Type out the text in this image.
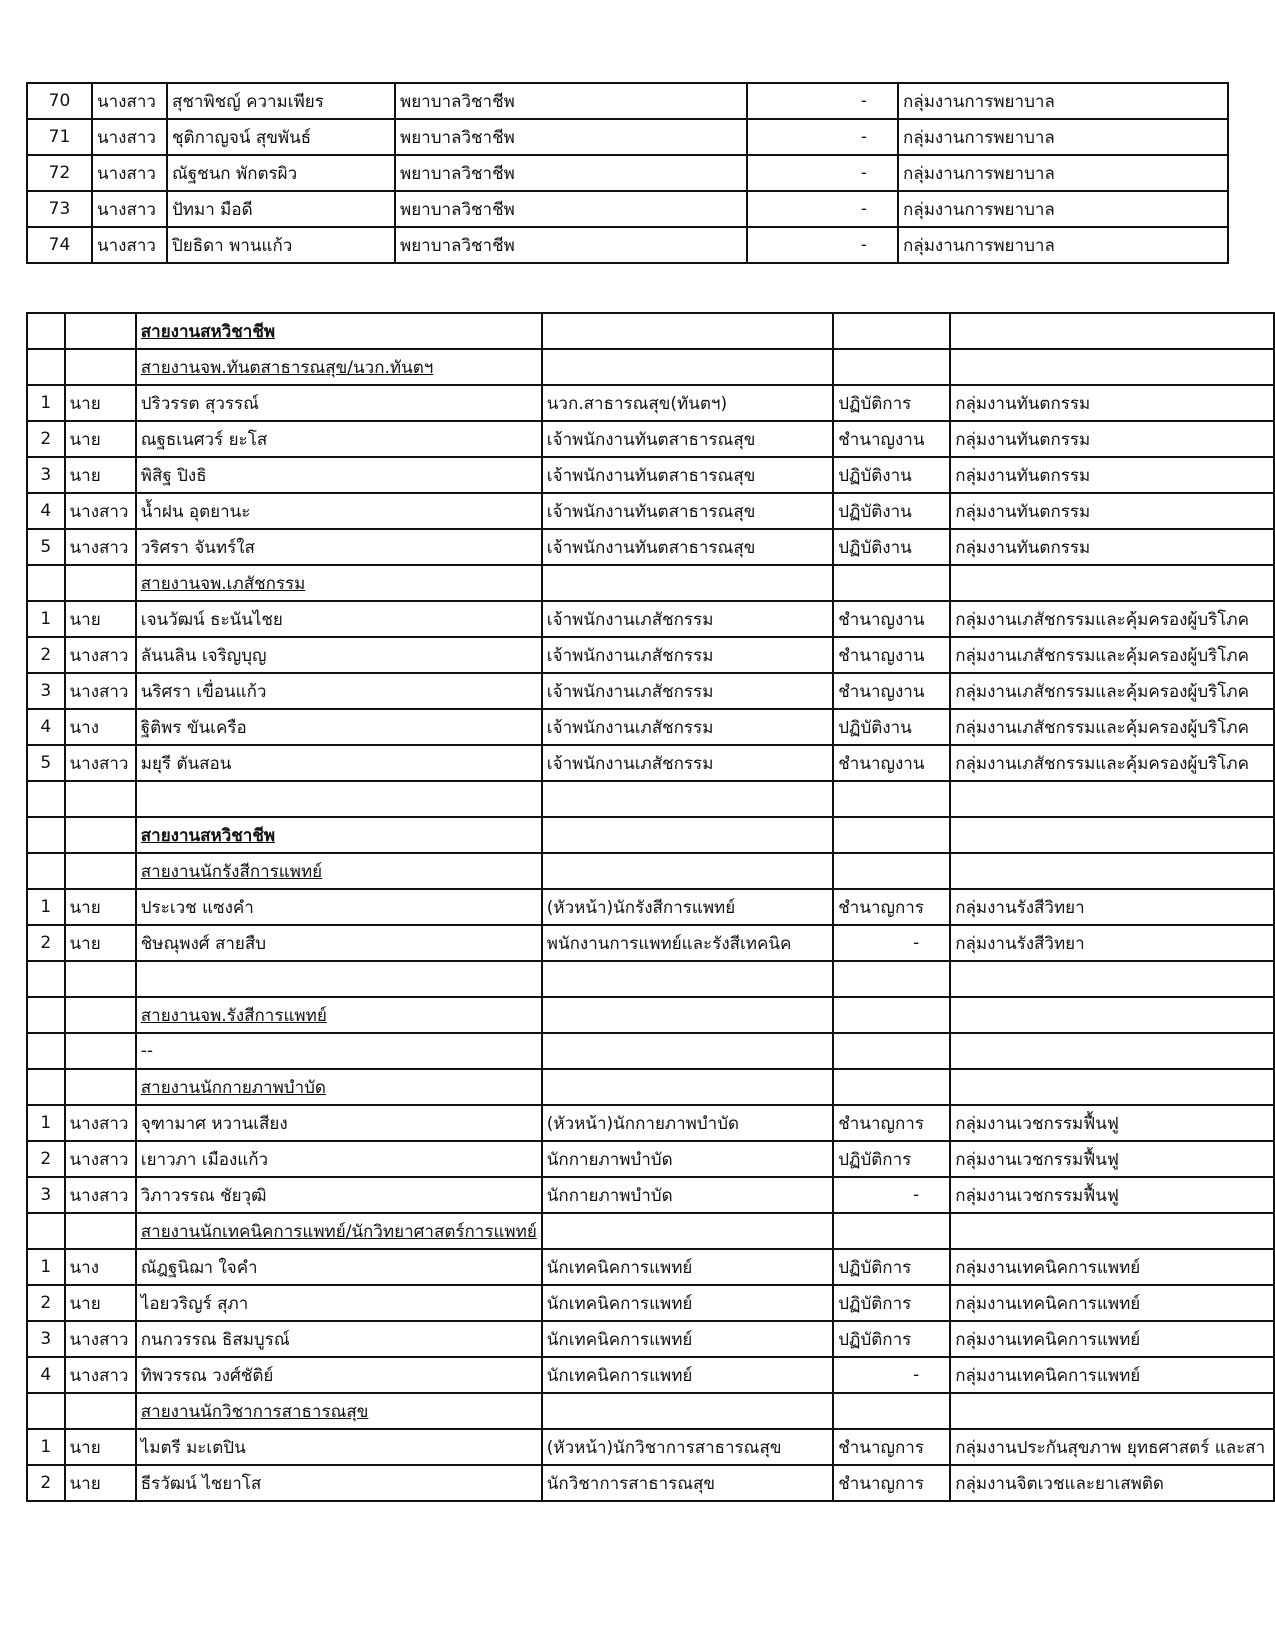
70	นางสาว	สุชาพิชญ์ ความเพียร	พยาบาลวิชาชีพ	-	กลุ่มงานการพยาบาล
71	นางสาว	ชุติกาญจน์ สุขพันธ์	พยาบาลวิชาชีพ	-	กลุ่มงานการพยาบาล
72	นางสาว	ณัฐชนก พักตรผิว	พยาบาลวิชาชีพ	-	กลุ่มงานการพยาบาล
73	นางสาว	ปัทมา มือดี	พยาบาลวิชาชีพ	-	กลุ่มงานการพยาบาล
74	นางสาว	ปิยธิดา พานแก้ว	พยาบาลวิชาชีพ	-	กลุ่มงานการพยาบาล
		สายงานสหวิชาชีพ			
		สายงานจพ.ทันตสาธารณสุข/นวก.ทันตฯ			
1	นาย	ปริวรรต สุวรรณ์	นวก.สาธารณสุข(ทันตฯ)	ปฏิบัติการ	กลุ่มงานทันตกรรม
2	นาย	ณฐธเนศวร์ ยะโส	เจ้าพนักงานทันตสาธารณสุข	ชำนาญงาน	กลุ่มงานทันตกรรม
3	นาย	พิสิฐ ปิงธิ	เจ้าพนักงานทันตสาธารณสุข	ปฏิบัติงาน	กลุ่มงานทันตกรรม
4	นางสาว	น้ำฝน อุตยานะ	เจ้าพนักงานทันตสาธารณสุข	ปฏิบัติงาน	กลุ่มงานทันตกรรม
5	นางสาว	วริศรา จันทร์ใส	เจ้าพนักงานทันตสาธารณสุข	ปฏิบัติงาน	กลุ่มงานทันตกรรม
		สายงานจพ.เภสัชกรรม			
1	นาย	เจนวัฒน์ ธะนันไชย	เจ้าพนักงานเภสัชกรรม	ชำนาญงาน	กลุ่มงานเภสัชกรรมและคุ้มครองผู้บริโภค
2	นางสาว	ลันนลิน เจริญบุญ	เจ้าพนักงานเภสัชกรรม	ชำนาญงาน	กลุ่มงานเภสัชกรรมและคุ้มครองผู้บริโภค
3	นางสาว	นริศรา เขื่อนแก้ว	เจ้าพนักงานเภสัชกรรม	ชำนาญงาน	กลุ่มงานเภสัชกรรมและคุ้มครองผู้บริโภค
4	นาง	ฐิติพร ขันเครือ	เจ้าพนักงานเภสัชกรรม	ปฏิบัติงาน	กลุ่มงานเภสัชกรรมและคุ้มครองผู้บริโภค
5	นางสาว	มยุรี ตันสอน	เจ้าพนักงานเภสัชกรรม	ชำนาญงาน	กลุ่มงานเภสัชกรรมและคุ้มครองผู้บริโภค

		สายงานสหวิชาชีพ			
		สายงานนักรังสีการแพทย์			
1	นาย	ประเวช แซงคำ	(หัวหน้า)นักรังสีการแพทย์	ชำนาญการ	กลุ่มงานรังสีวิทยา
2	นาย	ชิษณุพงศ์ สายสืบ	พนักงานการแพทย์และรังสีเทคนิค	-	กลุ่มงานรังสีวิทยา

		สายงานจพ.รังสีการแพทย์			
		--			
		สายงานนักกายภาพบำบัด			
1	นางสาว	จุฑามาศ หวานเสียง	(หัวหน้า)นักกายภาพบำบัด	ชำนาญการ	กลุ่มงานเวชกรรมฟื้นฟู
2	นางสาว	เยาวภา เมืองแก้ว	นักกายภาพบำบัด	ปฏิบัติการ	กลุ่มงานเวชกรรมฟื้นฟู
3	นางสาว	วิภาวรรณ ชัยวุฒิ	นักกายภาพบำบัด	-	กลุ่มงานเวชกรรมฟื้นฟู
		สายงานนักเทคนิคการแพทย์/นักวิทยาศาสตร์การแพทย์			
1	นาง	ณัฎฐนิฌา ใจคำ	นักเทคนิคการแพทย์	ปฏิบัติการ	กลุ่มงานเทคนิคการแพทย์
2	นาย	ไอยวริญร์ สุภา	นักเทคนิคการแพทย์	ปฏิบัติการ	กลุ่มงานเทคนิคการแพทย์
3	นางสาว	กนกวรรณ ธิสมบูรณ์	นักเทคนิคการแพทย์	ปฏิบัติการ	กลุ่มงานเทคนิคการแพทย์
4	นางสาว	ทิพวรรณ วงศ์ชัติย์	นักเทคนิคการแพทย์	-	กลุ่มงานเทคนิคการแพทย์
		สายงานนักวิชาการสาธารณสุข			
1	นาย	ไมตรี มะเตปิน	(หัวหน้า)นักวิชาการสาธารณสุข	ชำนาญการ	กลุ่มงานประกันสุขภาพ ยุทธศาสตร์ และสา
2	นาย	ธีรวัฒน์ ไชยาโส	นักวิชาการสาธารณสุข	ชำนาญการ	กลุ่มงานจิตเวชและยาเสพติด
